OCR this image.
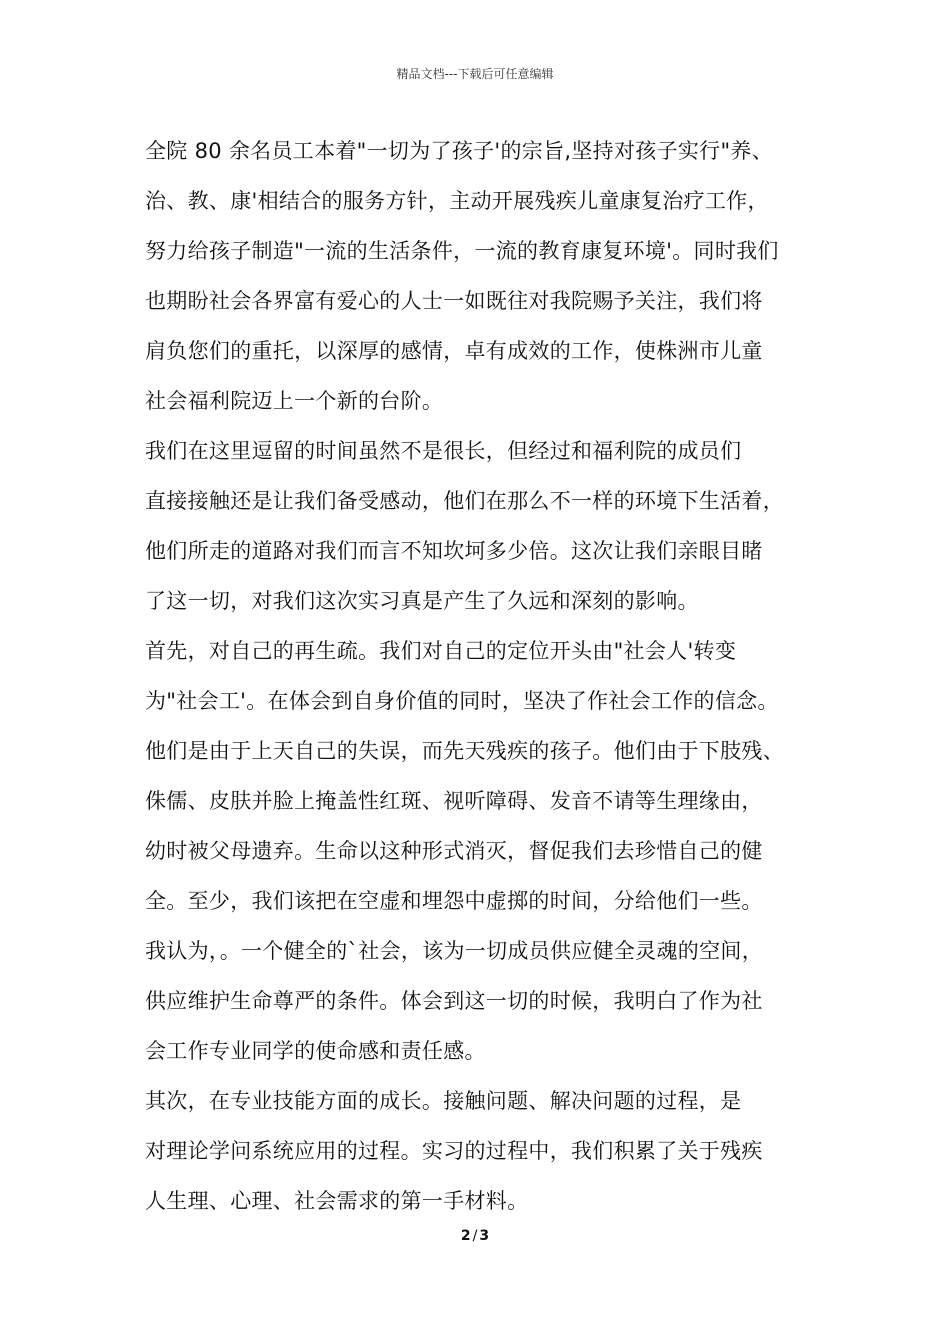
精品文档---下载后可任意编辑
全院 80 余名员工本着"一切为了孩子'的宗旨,坚持对孩子实行"养、
治、教、康'相结合的服务方针，主动开展残疾儿童康复治疗工作，
努力给孩子制造"一流的生活条件，一流的教育康复环境'。同时我们
也期盼社会各界富有爱心的人士一如既往对我院赐予关注，我们将
肩负您们的重托，以深厚的感情，卓有成效的工作，使株洲市儿童
社会福利院迈上一个新的台阶。
我们在这里逗留的时间虽然不是很长，但经过和福利院的成员们
直接接触还是让我们备受感动，他们在那么不一样的环境下生活着，
他们所走的道路对我们而言不知坎坷多少倍。这次让我们亲眼目睹
了这一切，对我们这次实习真是产生了久远和深刻的影响。
首先，对自己的再生疏。我们对自己的定位开头由"社会人'转变
为"社会工'。在体会到自身价值的同时，坚决了作社会工作的信念。
他们是由于上天自己的失误，而先天残疾的孩子。他们由于下肢残、
侏儒、皮肤并脸上掩盖性红斑、视听障碍、发音不请等生理缘由，
幼时被父母遗弃。生命以这种形式消灭，督促我们去珍惜自己的健
全。至少，我们该把在空虚和埋怨中虚掷的时间，分给他们一些。
我认为，。一个健全的`社会，该为一切成员供应健全灵魂的空间，
供应维护生命尊严的条件。体会到这一切的时候，我明白了作为社
会工作专业同学的使命感和责任感。
其次，在专业技能方面的成长。接触问题、解决问题的过程，是
对理论学问系统应用的过程。实习的过程中，我们积累了关于残疾
人生理、心理、社会需求的第一手材料。
2 / 3
